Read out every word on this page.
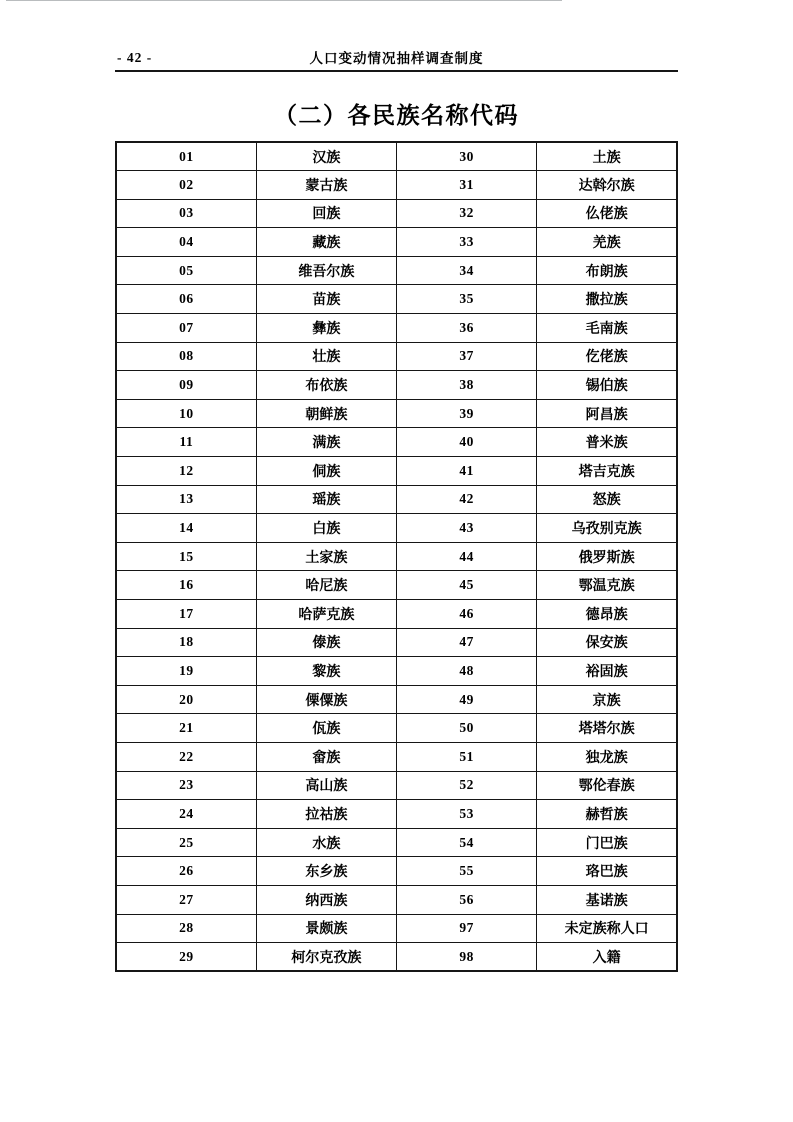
- 42 -	人口变动情况抽样调查制度
（二）各民族名称代码
01	汉族	30	土族
02	蒙古族	31	达斡尔族
03	回族	32	仫佬族
04	藏族	33	羌族
05	维吾尔族	34	布朗族
06	苗族	35	撒拉族
07	彝族	36	毛南族
08	壮族	37	仡佬族
09	布依族	38	锡伯族
10	朝鲜族	39	阿昌族
11	满族	40	普米族
12	侗族	41	塔吉克族
13	瑶族	42	怒族
14	白族	43	乌孜别克族
15	土家族	44	俄罗斯族
16	哈尼族	45	鄂温克族
17	哈萨克族	46	德昂族
18	傣族	47	保安族
19	黎族	48	裕固族
20	傈僳族	49	京族
21	佤族	50	塔塔尔族
22	畲族	51	独龙族
23	高山族	52	鄂伦春族
24	拉祜族	53	赫哲族
25	水族	54	门巴族
26	东乡族	55	珞巴族
27	纳西族	56	基诺族
28	景颇族	97	未定族称人口
29	柯尔克孜族	98	入籍
